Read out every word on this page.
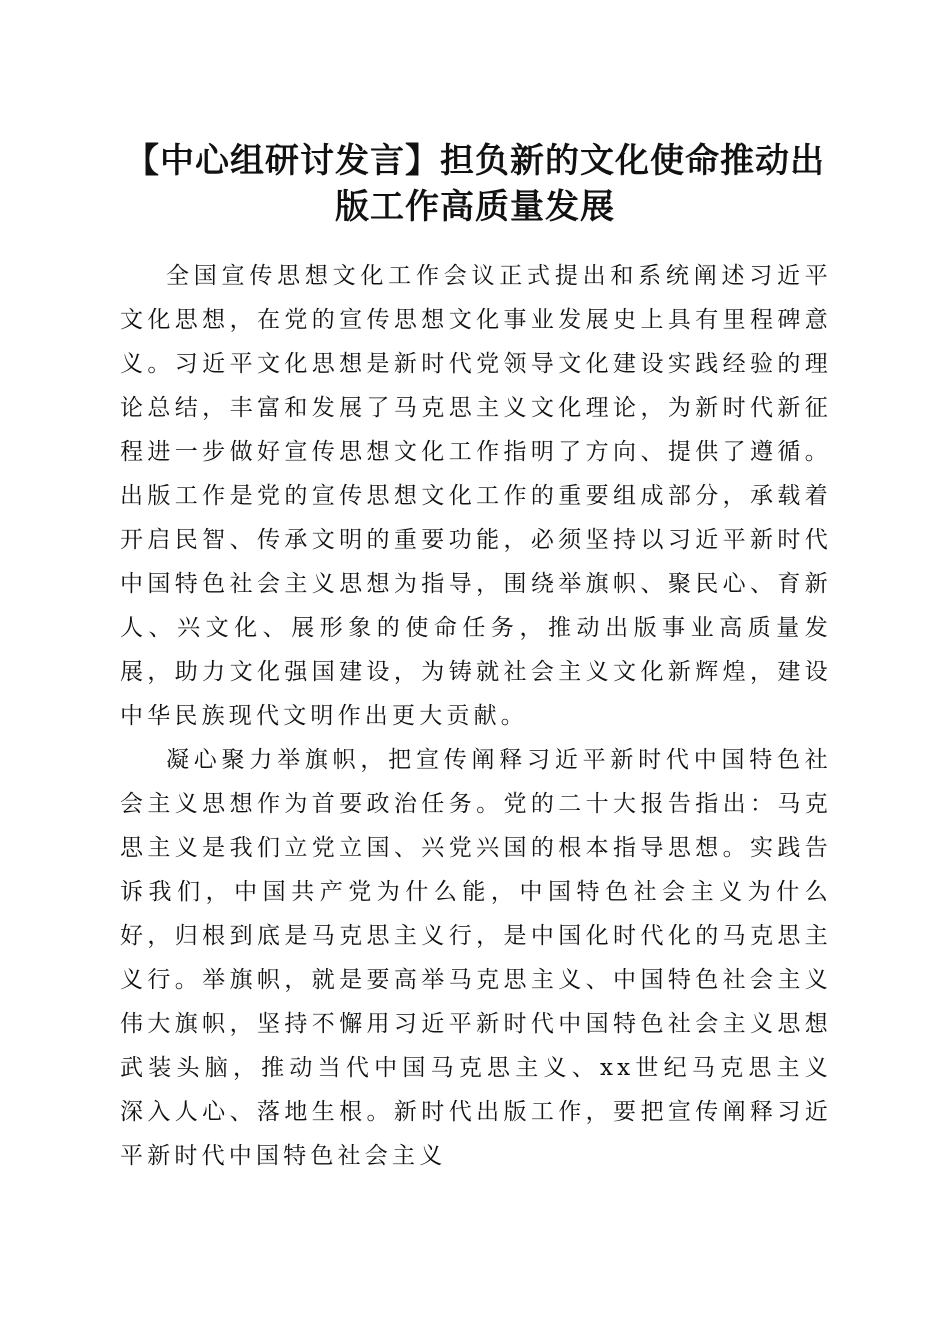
【中心组研讨发言】担负新的文化使命推动出
版工作高质量发展

全国宣传思想文化工作会议正式提出和系统阐述习近平文化思想，在党的宣传思想文化事业发展史上具有里程碑意义。习近平文化思想是新时代党领导文化建设实践经验的理论总结，丰富和发展了马克思主义文化理论，为新时代新征程进一步做好宣传思想文化工作指明了方向、提供了遵循。出版工作是党的宣传思想文化工作的重要组成部分，承载着开启民智、传承文明的重要功能，必须坚持以习近平新时代中国特色社会主义思想为指导，围绕举旗帜、聚民心、育新人、兴文化、展形象的使命任务，推动出版事业高质量发展，助力文化强国建设，为铸就社会主义文化新辉煌，建设中华民族现代文明作出更大贡献。

凝心聚力举旗帜，把宣传阐释习近平新时代中国特色社会主义思想作为首要政治任务。党的二十大报告指出：马克思主义是我们立党立国、兴党兴国的根本指导思想。实践告诉我们，中国共产党为什么能，中国特色社会主义为什么好，归根到底是马克思主义行，是中国化时代化的马克思主义行。举旗帜，就是要高举马克思主义、中国特色社会主义伟大旗帜，坚持不懈用习近平新时代中国特色社会主义思想武装头脑，推动当代中国马克思主义、xx世纪马克思主义深入人心、落地生根。新时代出版工作，要把宣传阐释习近平新时代中国特色社会主义
